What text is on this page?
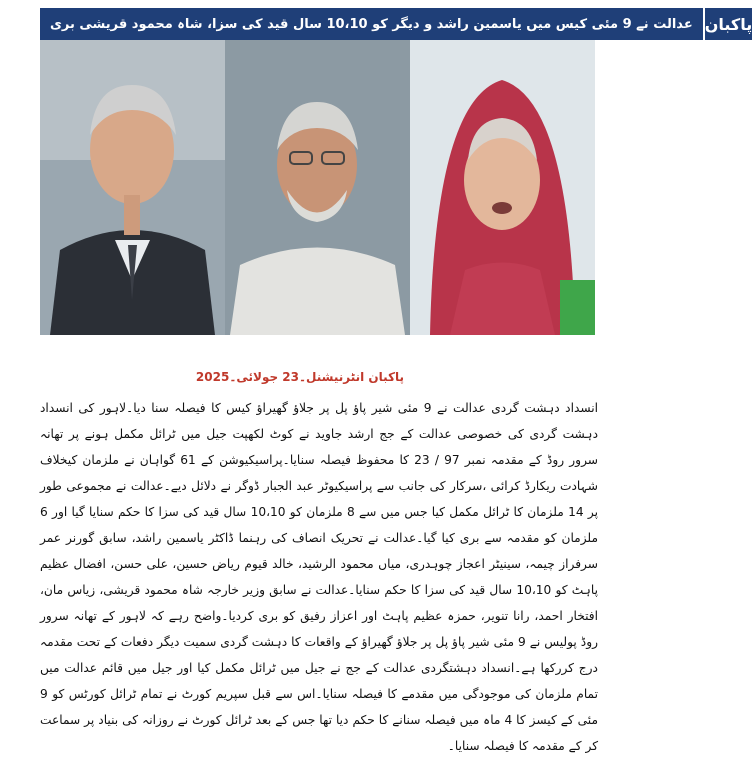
عدالت نے 9 مئی کیس میں یاسمین راشد و دیگر کو 10،10 سال قید کی سزا، شاہ محمود قریشی بری پاکبان
پاکبان انٹرنیشنل۔23 جولائی۔2025

انسداد دہشت گردی عدالت نے 9 مئی شیر پاؤ پل پر جلاؤ گھیراؤ کیس کا فیصلہ سنا دیا۔لاہور کی انسداد دہشت گردی کی خصوصی عدالت کے جج ارشد جاوید نے کوٹ لکھپت جیل میں ٹرائل مکمل ہونے پر تھانہ سرور روڈ کے مقدمہ نمبر 97 / 23 کا محفوظ فیصلہ سنایا۔پراسیکیوشن کے 61 گواہان نے ملزمان کیخلاف شہادت ریکارڈ کرائی ،سرکار کی جانب سے پراسیکیوٹر عبد الجبار ڈوگر نے دلائل دیے۔عدالت نے مجموعی طور پر 14 ملزمان کا ٹرائل مکمل کیا جس میں سے 8 ملزمان کو 10،10 سال قید کی سزا کا حکم سنایا گیا اور 6 ملزمان کو مقدمہ سے بری کیا گیا۔عدالت نے تحریک انصاف کی رہنما ڈاکٹر یاسمین راشد، سابق گورنر عمر سرفراز چیمہ، سینیٹر اعجاز چوہدری، میاں محمود الرشید، خالد قیوم ریاض حسین، علی حسن، افضال عظیم پاہٹ کو 10،10 سال قید کی سزا کا حکم سنایا۔عدالت نے سابق وزیر خارجہ شاہ محمود قریشی، زیاس مان، افتخار احمد، رانا تنویر، حمزہ عظیم پاہٹ اور اعزاز رفیق کو بری کردیا۔واضح رہے کہ لاہور کے تھانہ سرور روڈ پولیس نے 9 مئی شیر پاؤ پل پر جلاؤ گھیراؤ کے واقعات کا دہشت گردی سمیت دیگر دفعات کے تحت مقدمہ درج کررکھا ہے۔انسداد دہشتگردی عدالت کے جج نے جیل میں ٹرائل مکمل کیا اور جیل میں قائم عدالت میں تمام ملزمان کی موجودگی میں مقدمے کا فیصلہ سنایا۔اس سے قبل سپریم کورٹ نے تمام ٹرائل کورٹس کو 9 مئی کے کیسز کا 4 ماہ میں فیصلہ سنانے کا حکم دیا تھا جس کے بعد ٹرائل کورٹ نے روزانہ کی بنیاد پر سماعت کر کے مقدمہ کا فیصلہ سنایا۔
